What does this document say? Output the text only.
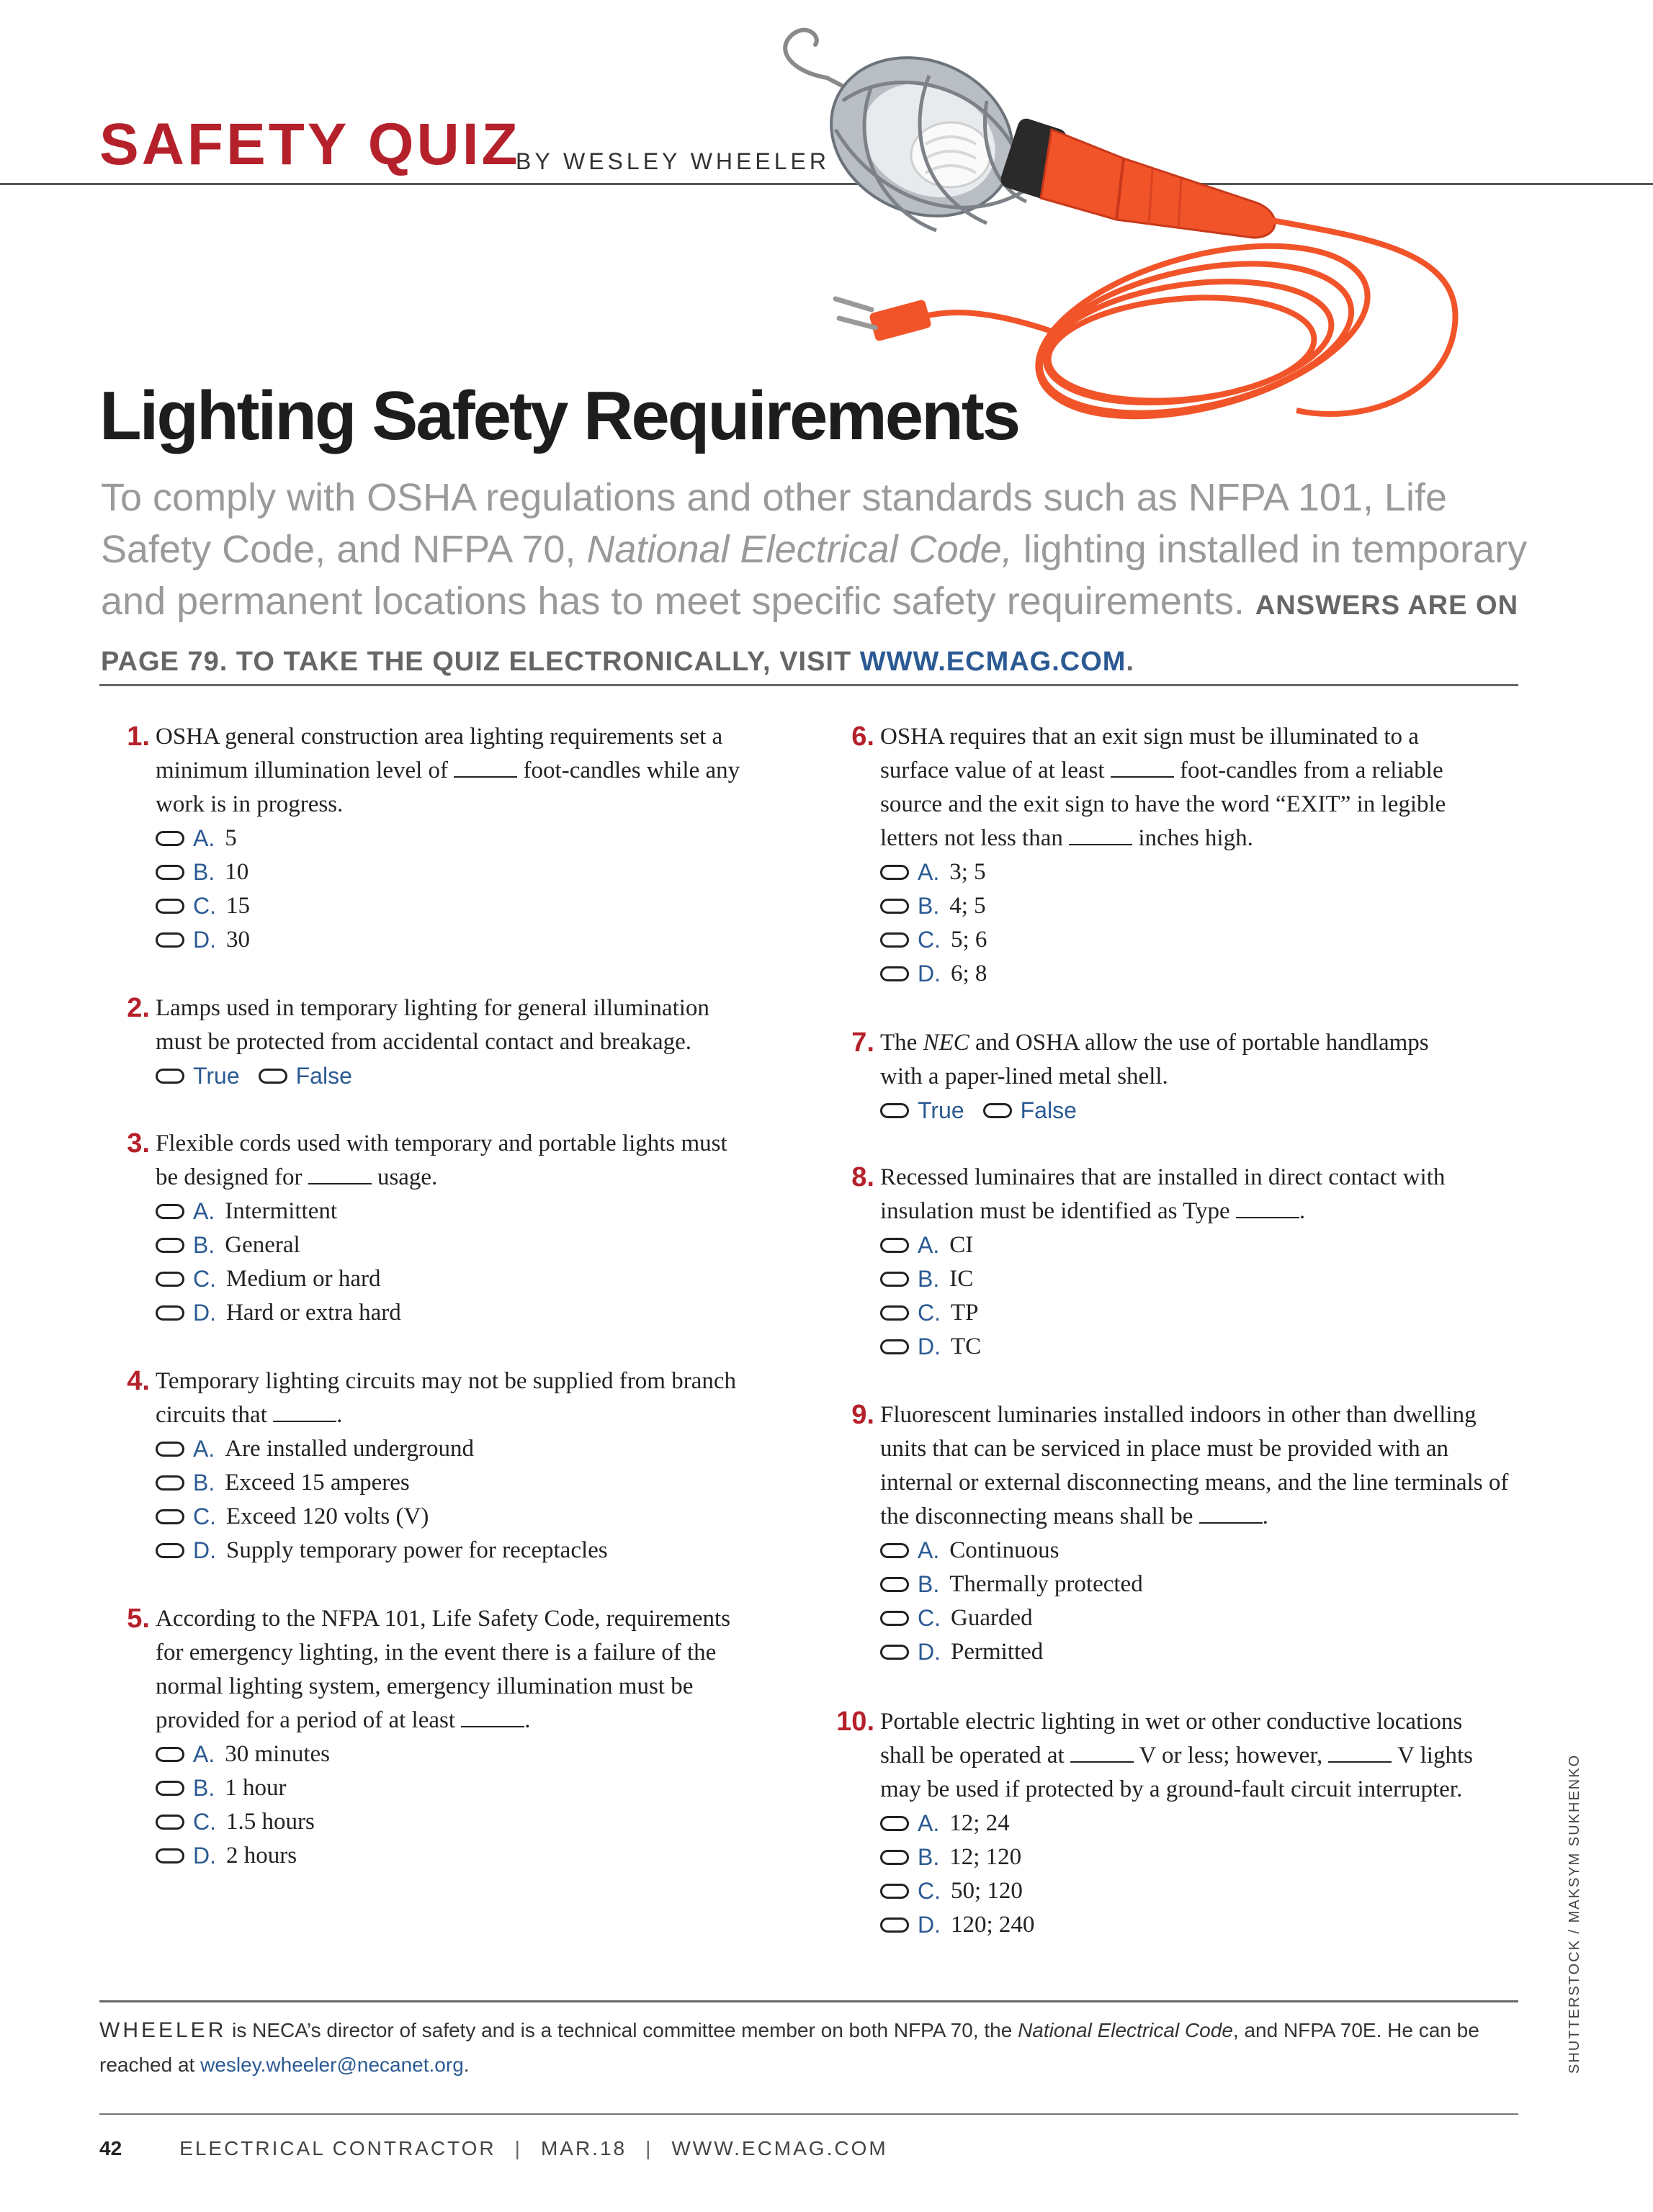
SAFETY QUIZ
BY WESLEY WHEELER
Lighting Safety Requirements
To comply with OSHA regulations and other standards such as NFPA 101, Life Safety Code, and NFPA 70, National Electrical Code, lighting installed in temporary and permanent locations has to meet specific safety requirements. ANSWERS ARE ON PAGE 79. TO TAKE THE QUIZ ELECTRONICALLY, VISIT WWW.ECMAG.COM.
1. OSHA general construction area lighting requirements set a minimum illumination level of	foot-candles while any work is in progress.
A. 5
B. 10
C. 15
D. 30
2. Lamps used in temporary lighting for general illumination must be protected from accidental contact and breakage.
True False
3. Flexible cords used with temporary and portable lights must be designed for	usage.
A. Intermittent
B. General
C. Medium or hard
D. Hard or extra hard
4. Temporary lighting circuits may not be supplied from branch circuits that	.
A. Are installed underground
B. Exceed 15 amperes
C. Exceed 120 volts (V)
D. Supply temporary power for receptacles
5. According to the NFPA 101, Life Safety Code, requirements for emergency lighting, in the event there is a failure of the normal lighting system, emergency illumination must be provided for a period of at least	.
A. 30 minutes
B. 1 hour
C. 1.5 hours
D. 2 hours
6. OSHA requires that an exit sign must be illuminated to a surface value of at least	foot-candles from a reliable source and the exit sign to have the word “EXIT” in legible letters not less than	inches high.
A. 3; 5
B. 4; 5
C. 5; 6
D. 6; 8
7. The NEC and OSHA allow the use of portable handlamps with a paper-lined metal shell.
True False
8. Recessed luminaires that are installed in direct contact with insulation must be identified as Type	.
A. CI
B. IC
C. TP
D. TC
9. Fluorescent luminaries installed indoors in other than dwelling units that can be serviced in place must be provided with an internal or external disconnecting means, and the line terminals of the disconnecting means shall be	.
A. Continuous
B. Thermally protected
C. Guarded
D. Permitted
10. Portable electric lighting in wet or other conductive locations shall be operated at	V or less; however,	V lights may be used if protected by a ground-fault circuit interrupter.
A. 12; 24
B. 12; 120
C. 50; 120
D. 120; 240
WHEELER is NECA’s director of safety and is a technical committee member on both NFPA 70, the National Electrical Code, and NFPA 70E. He can be reached at wesley.wheeler@necanet.org.	SHUTTERSTOCK / MAKSYM SUKHENKO
42	ELECTRICAL CONTRACTOR | MAR.18 | WWW.ECMAG.COM
